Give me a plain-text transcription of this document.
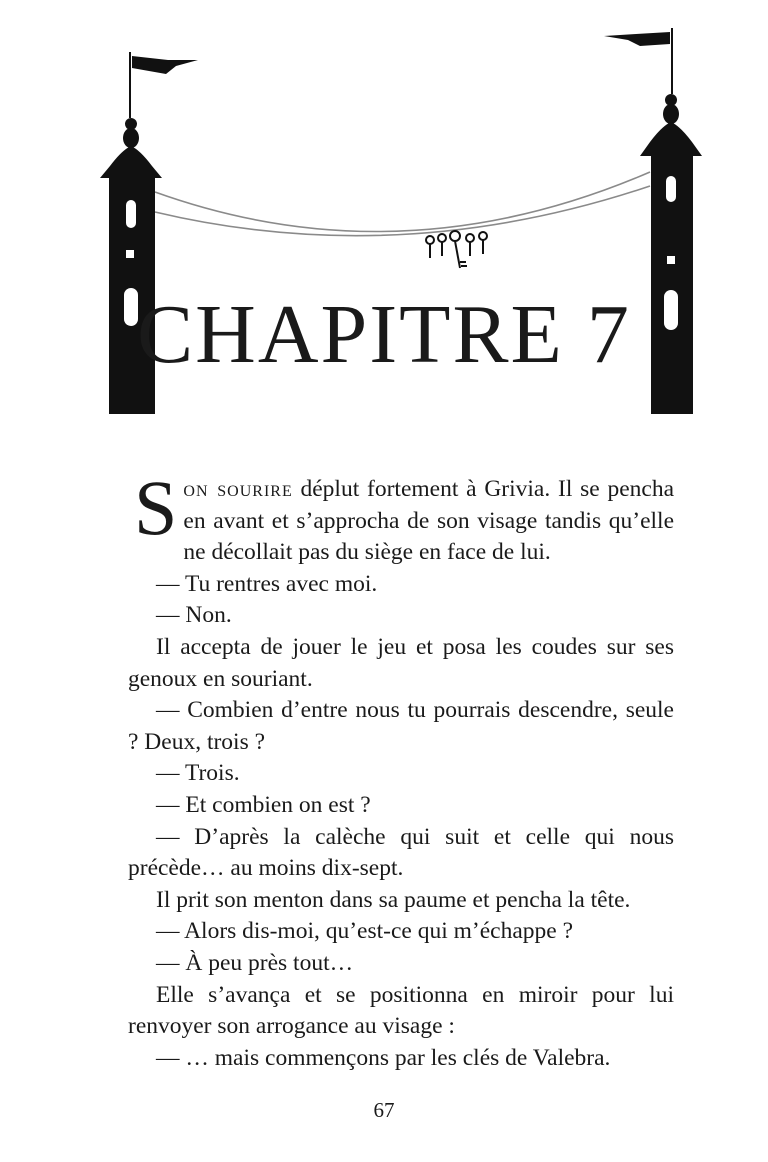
CHAPITRE 7

Son sourire déplut fortement à Grivia. Il se pencha en avant et s’approcha de son visage tandis qu’elle ne décollait pas du siège en face de lui.

— Tu rentres avec moi.

— Non.

Il accepta de jouer le jeu et posa les coudes sur ses genoux en souriant.

— Combien d’entre nous tu pourrais descendre, seule ? Deux, trois ?

— Trois.

— Et combien on est ?

— D’après la calèche qui suit et celle qui nous précède… au moins dix-sept.

Il prit son menton dans sa paume et pencha la tête.

— Alors dis-moi, qu’est-ce qui m’échappe ?

— À peu près tout…

Elle s’avança et se positionna en miroir pour lui renvoyer son arrogance au visage :

— … mais commençons par les clés de Valebra.

67
